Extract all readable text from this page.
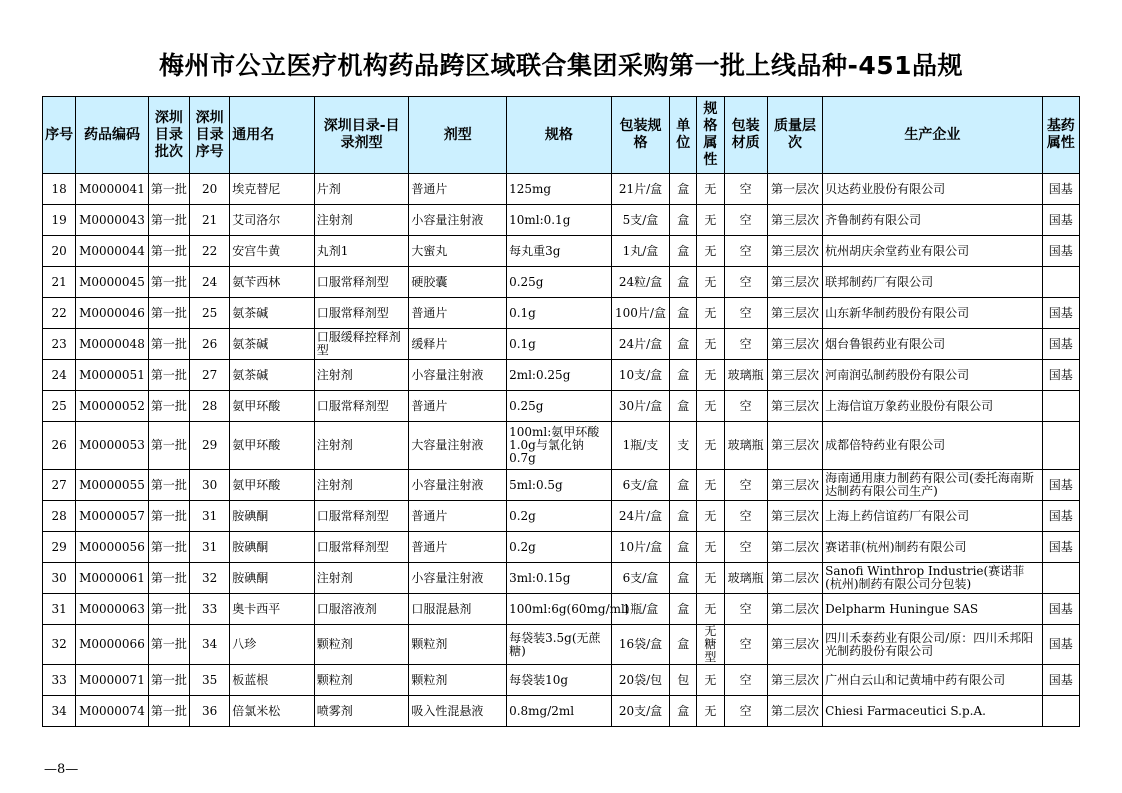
梅州市公立医疗机构药品跨区域联合集团采购第一批上线品种-451品规
序号	药品编码	深圳目录批次	深圳目录序号	通用名	深圳目录-目录剂型	剂型	规格	包装规格	单位	规格属性	包装材质	质量层次	生产企业	基药属性
18	M0000041	第一批	20	埃克替尼	片剂	普通片	125mg	21片/盒	盒	无	空	第一层次	贝达药业股份有限公司	国基
19	M0000043	第一批	21	艾司洛尔	注射剂	小容量注射液	10ml:0.1g	5支/盒	盒	无	空	第三层次	齐鲁制药有限公司	国基
20	M0000044	第一批	22	安宫牛黄	丸剂1	大蜜丸	每丸重3g	1丸/盒	盒	无	空	第三层次	杭州胡庆余堂药业有限公司	国基
21	M0000045	第一批	24	氨苄西林	口服常释剂型	硬胶囊	0.25g	24粒/盒	盒	无	空	第三层次	联邦制药厂有限公司	
22	M0000046	第一批	25	氨茶碱	口服常释剂型	普通片	0.1g	100片/盒	盒	无	空	第三层次	山东新华制药股份有限公司	国基
23	M0000048	第一批	26	氨茶碱	口服缓释控释剂型	缓释片	0.1g	24片/盒	盒	无	空	第三层次	烟台鲁银药业有限公司	国基
24	M0000051	第一批	27	氨茶碱	注射剂	小容量注射液	2ml:0.25g	10支/盒	盒	无	玻璃瓶	第三层次	河南润弘制药股份有限公司	国基
25	M0000052	第一批	28	氨甲环酸	口服常释剂型	普通片	0.25g	30片/盒	盒	无	空	第三层次	上海信谊万象药业股份有限公司	
26	M0000053	第一批	29	氨甲环酸	注射剂	大容量注射液	100ml:氨甲环酸1.0g与氯化钠0.7g	1瓶/支	支	无	玻璃瓶	第三层次	成都倍特药业有限公司	
27	M0000055	第一批	30	氨甲环酸	注射剂	小容量注射液	5ml:0.5g	6支/盒	盒	无	空	第三层次	海南通用康力制药有限公司(委托海南斯达制药有限公司生产)	国基
28	M0000057	第一批	31	胺碘酮	口服常释剂型	普通片	0.2g	24片/盒	盒	无	空	第三层次	上海上药信谊药厂有限公司	国基
29	M0000056	第一批	31	胺碘酮	口服常释剂型	普通片	0.2g	10片/盒	盒	无	空	第二层次	赛诺菲(杭州)制药有限公司	国基
30	M0000061	第一批	32	胺碘酮	注射剂	小容量注射液	3ml:0.15g	6支/盒	盒	无	玻璃瓶	第二层次	Sanofi Winthrop Industrie(赛诺菲(杭州)制药有限公司分包装)	
31	M0000063	第一批	33	奥卡西平	口服溶液剂	口服混悬剂	100ml:6g(60mg/ml)	1瓶/盒	盒	无	空	第二层次	Delpharm Huningue SAS	国基
32	M0000066	第一批	34	八珍	颗粒剂	颗粒剂	每袋装3.5g(无蔗糖)	16袋/盒	盒	无糖型	空	第三层次	四川禾泰药业有限公司/原：四川禾邦阳光制药股份有限公司	国基
33	M0000071	第一批	35	板蓝根	颗粒剂	颗粒剂	每袋装10g	20袋/包	包	无	空	第三层次	广州白云山和记黄埔中药有限公司	国基
34	M0000074	第一批	36	倍氯米松	喷雾剂	吸入性混悬液	0.8mg/2ml	20支/盒	盒	无	空	第二层次	Chiesi Farmaceutici S.p.A.	
—8—
